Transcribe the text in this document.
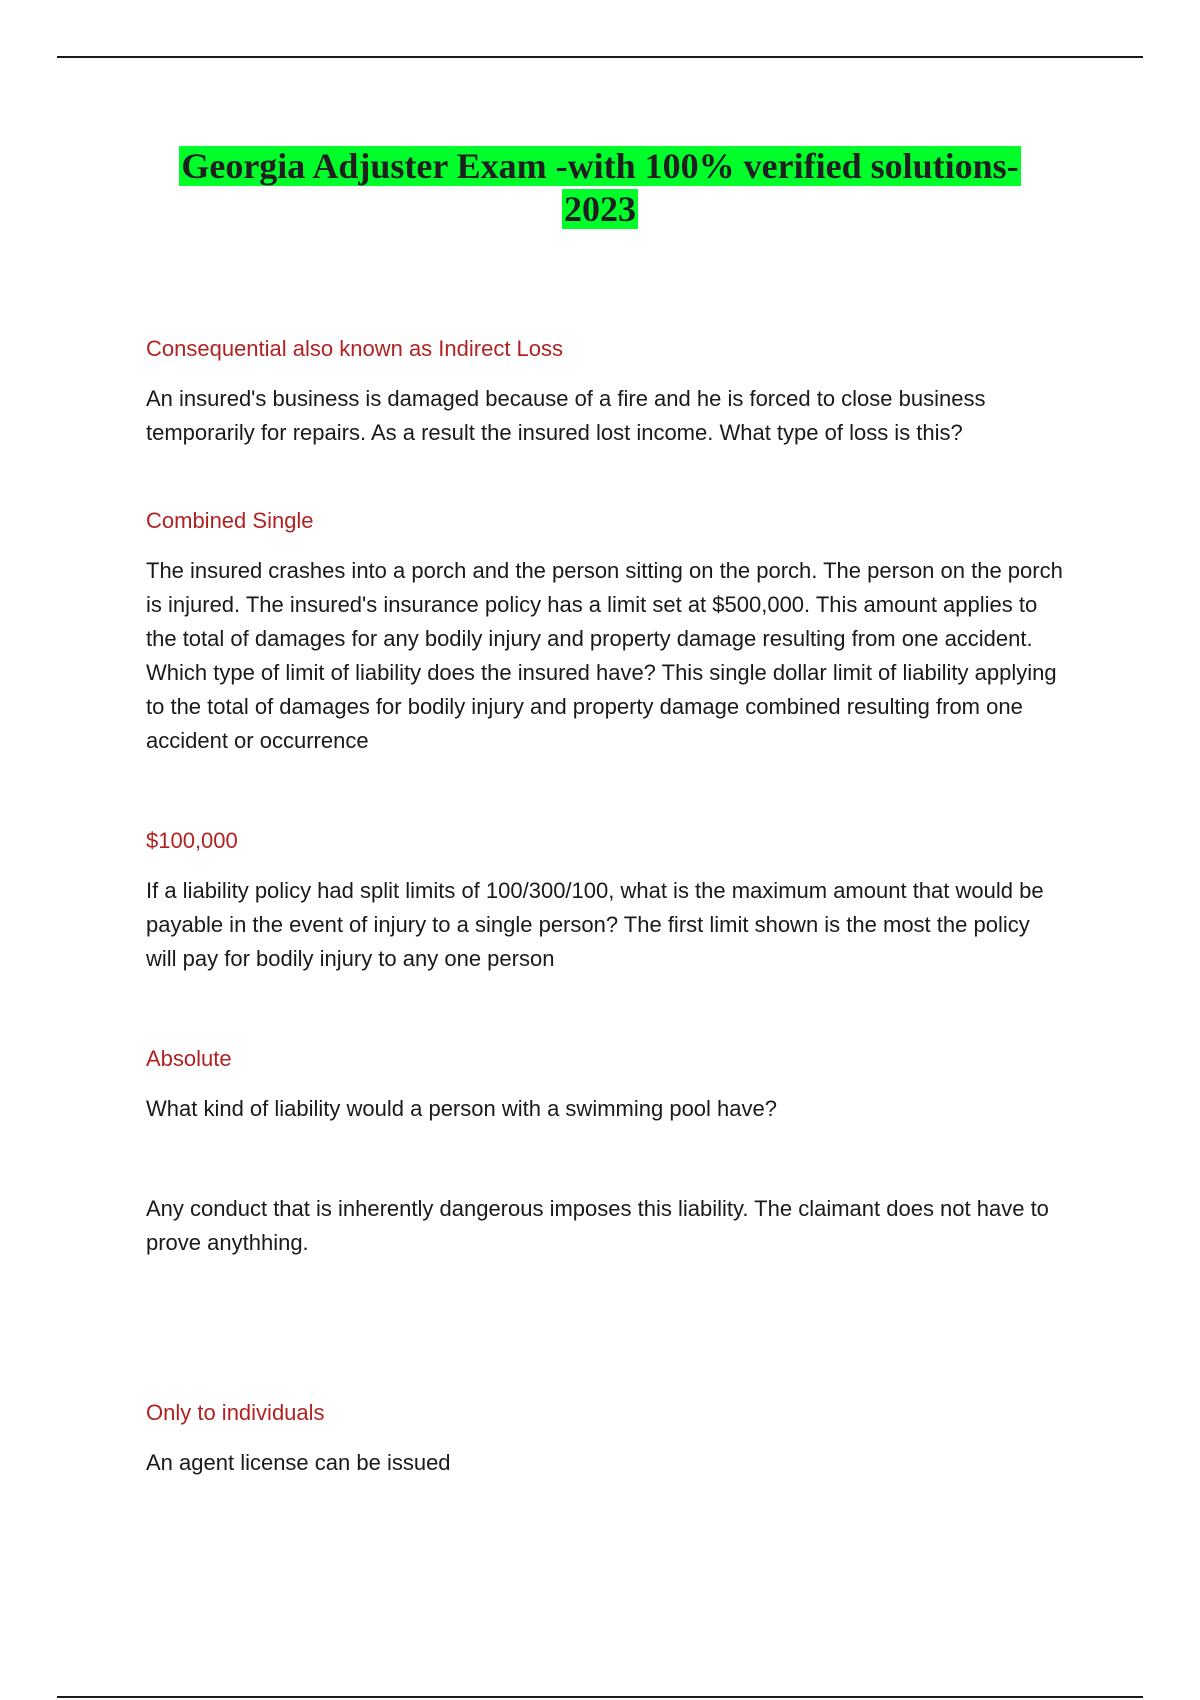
Georgia Adjuster Exam -with 100% verified solutions-
2023

Consequential also known as Indirect Loss

An insured's business is damaged because of a fire and he is forced to close business temporarily for repairs. As a result the insured lost income. What type of loss is this?

Combined Single

The insured crashes into a porch and the person sitting on the porch. The person on the porch is injured. The insured's insurance policy has a limit set at $500,000. This amount applies to the total of damages for any bodily injury and property damage resulting from one accident. Which type of limit of liability does the insured have? This single dollar limit of liability applying to the total of damages for bodily injury and property damage combined resulting from one accident or occurrence

$100,000

If a liability policy had split limits of 100/300/100, what is the maximum amount that would be payable in the event of injury to a single person? The first limit shown is the most the policy will pay for bodily injury to any one person

Absolute

What kind of liability would a person with a swimming pool have?

Any conduct that is inherently dangerous imposes this liability. The claimant does not have to prove anythhing.

Only to individuals

An agent license can be issued
